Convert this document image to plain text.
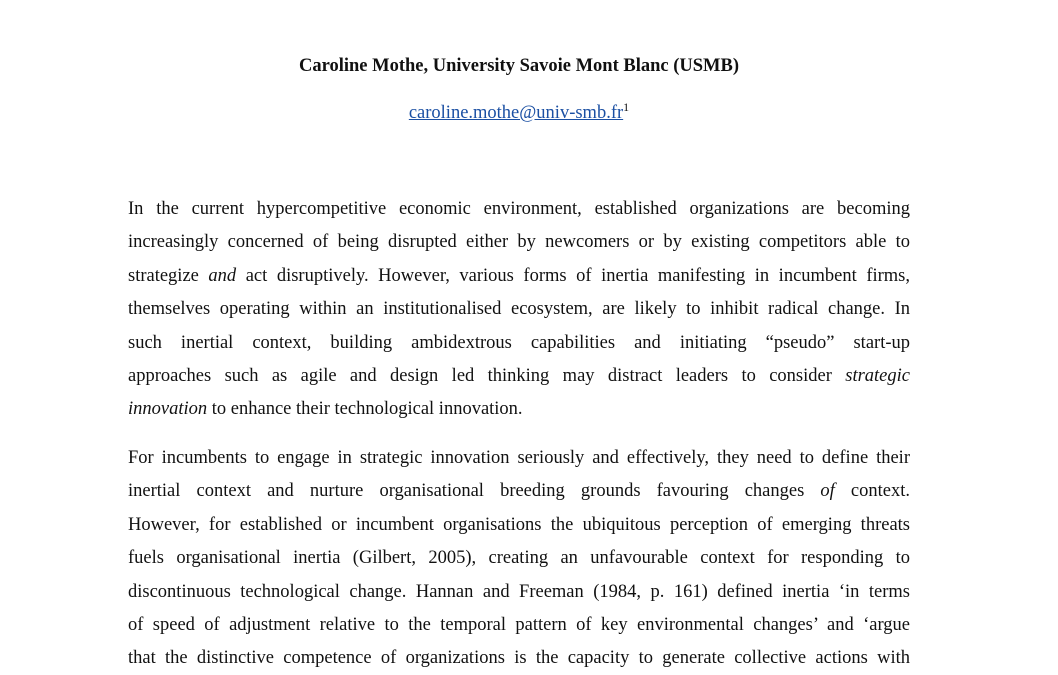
Caroline Mothe, University Savoie Mont Blanc (USMB)
$caroline.mothe@univ-smb.fr^1$
In the current hypercompetitive economic environment, established organizations are becoming
increasingly concerned of being disrupted either by newcomers or by existing competitors able to
strategize and act disruptively. However, various forms of inertia manifesting in incumbent firms,
themselves operating within an institutionalised ecosystem, are likely to inhibit radical change. In
such inertial context, building ambidextrous capabilities and initiating “pseudo” start-up
approaches such as agile and design led thinking may distract leaders to consider strategic
innovation to enhance their technological innovation.
For incumbents to engage in strategic innovation seriously and effectively, they need to define their
inertial context and nurture organisational breeding grounds favouring changes of context.
However, for established or incumbent organisations the ubiquitous perception of emerging threats
fuels organisational inertia (Gilbert, 2005), creating an unfavourable context for responding to
discontinuous technological change. Hannan and Freeman (1984, p. 161) defined inertia ‘in terms
of speed of adjustment relative to the temporal pattern of key environmental changes’ and ‘argue
that the distinctive competence of organizations is the capacity to generate collective actions with
